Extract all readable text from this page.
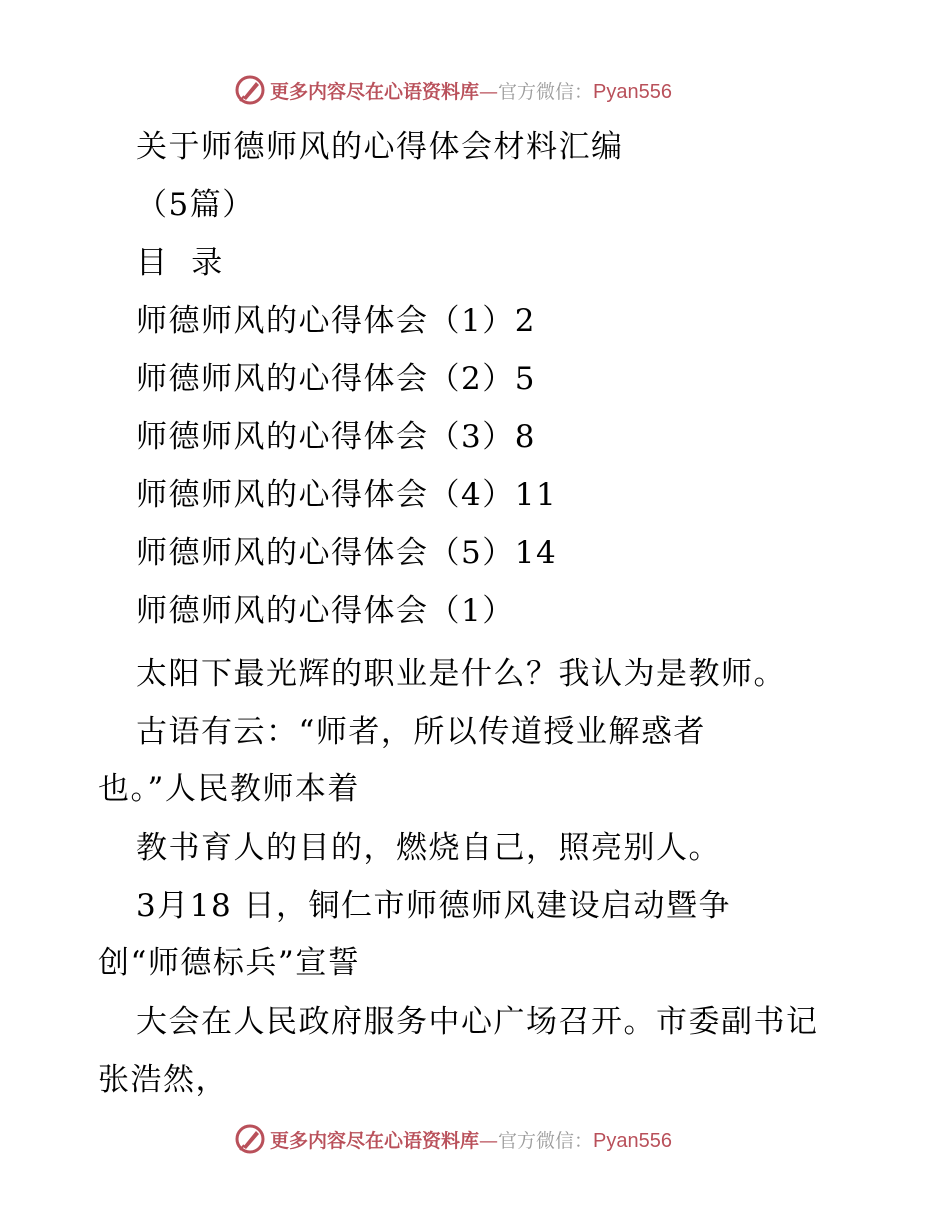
更多内容尽在心语资料库—官方微信：Pyan556
关于师德师风的心得体会材料汇编
（5篇）
目  录
师德师风的心得体会（1）2
师德师风的心得体会（2）5
师德师风的心得体会（3）8
师德师风的心得体会（4）11
师德师风的心得体会（5）14
师德师风的心得体会（1）
太阳下最光辉的职业是什么？我认为是教师。
古语有云：“师者，所以传道授业解惑者
也。”人民教师本着
教书育人的目的，燃烧自己，照亮别人。
3月18 日，铜仁市师德师风建设启动暨争
创“师德标兵”宣誓
大会在人民政府服务中心广场召开。市委副书记
张浩然，
更多内容尽在心语资料库—官方微信：Pyan556
